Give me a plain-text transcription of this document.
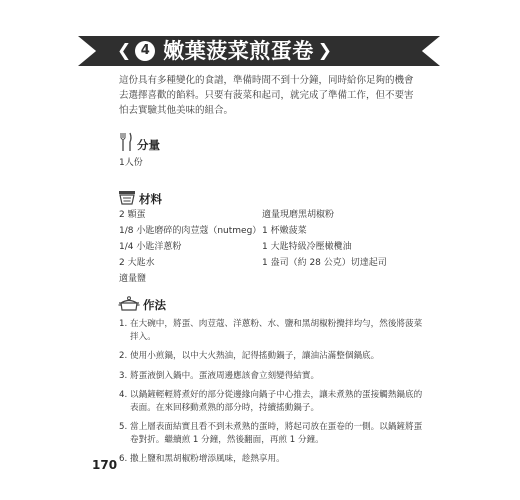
❮ 4 嫩葉菠菜煎蛋卷 ❯
這份具有多種變化的食譜，準備時間不到十分鐘，同時給你足夠的機會去選擇喜歡的餡料。只要有菠菜和起司，就完成了準備工作，但不要害怕去實驗其他美味的組合。
分量
1人份
材料
2 顆蛋
1/8 小匙磨碎的肉荳蔻（nutmeg）
1/4 小匙洋蔥粉
2 大匙水
適量鹽
適量現磨黑胡椒粉
1 杯嫩菠菜
1 大匙特級冷壓橄欖油
1 盎司（約 28 公克）切達起司
作法
1. 在大碗中，將蛋、肉荳蔻、洋蔥粉、水、鹽和黑胡椒粉攪拌均勻，然後將菠菜拌入。
2. 使用小煎鍋，以中大火熱油，記得搖動鍋子，讓油沾滿整個鍋底。
3. 將蛋液倒入鍋中。蛋液周邊應該會立刻變得結實。
4. 以鍋鏟輕輕將煮好的部分從邊緣向鍋子中心推去，讓未煮熟的蛋接觸熱鍋底的表面。在來回移動煮熟的部分時，持續搖動鍋子。
5. 當上層表面結實且看不到未煮熟的蛋時，將起司放在蛋卷的一側。以鍋鏟將蛋卷對折。繼續煎 1 分鐘，然後翻面，再煎 1 分鐘。
6. 撒上鹽和黑胡椒粉增添風味，趁熱享用。
170
